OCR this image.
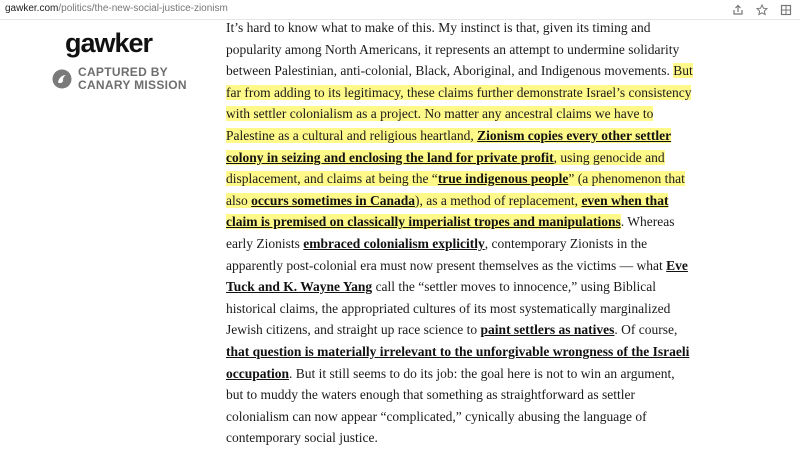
gawker.com/politics/the-new-social-justice-zionism
gawker
CAPTURED BY
CANARY MISSION
It’s hard to know what to make of this. My instinct is that, given its timing and popularity among North Americans, it represents an attempt to undermine solidarity between Palestinian, anti-colonial, Black, Aboriginal, and Indigenous movements. But far from adding to its legitimacy, these claims further demonstrate Israel’s consistency with settler colonialism as a project. No matter any ancestral claims we have to Palestine as a cultural and religious heartland, Zionism copies every other settler colony in seizing and enclosing the land for private profit, using genocide and displacement, and claims at being the “true indigenous people” (a phenomenon that also occurs sometimes in Canada), as a method of replacement, even when that claim is premised on classically imperialist tropes and manipulations. Whereas early Zionists embraced colonialism explicitly, contemporary Zionists in the apparently post-colonial era must now present themselves as the victims — what Eve Tuck and K. Wayne Yang call the “settler moves to innocence,” using Biblical historical claims, the appropriated cultures of its most systematically marginalized Jewish citizens, and straight up race science to paint settlers as natives. Of course, that question is materially irrelevant to the unforgivable wrongness of the Israeli occupation. But it still seems to do its job: the goal here is not to win an argument, but to muddy the waters enough that something as straightforward as settler colonialism can now appear “complicated,” cynically abusing the language of contemporary social justice.
